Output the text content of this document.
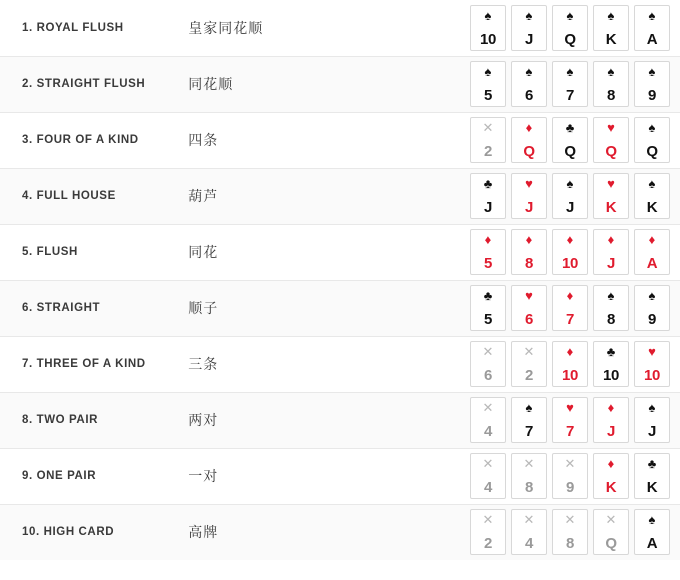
1. ROYAL FLUSH	皇家同花顺	
♠
10
♠
J
♠
Q
♠
K
♠
A

2. STRAIGHT FLUSH	同花顺	
♠
5
♠
6
♠
7
♠
8
♠
9

3. FOUR OF A KIND	四条	
✕
2
♦
Q
♣
Q
♥
Q
♠
Q

4. FULL HOUSE	葫芦	
♣
J
♥
J
♠
J
♥
K
♠
K

5. FLUSH	同花	
♦
5
♦
8
♦
10
♦
J
♦
A

6. STRAIGHT	顺子	
♣
5
♥
6
♦
7
♠
8
♠
9

7. THREE OF A KIND	三条	
✕
6
✕
2
♦
10
♣
10
♥
10

8. TWO PAIR	两对	
✕
4
♠
7
♥
7
♦
J
♠
J

9. ONE PAIR	一对	
✕
4
✕
8
✕
9
♦
K
♣
K

10. HIGH CARD	高牌	
✕
2
✕
4
✕
8
✕
Q
♠
A
